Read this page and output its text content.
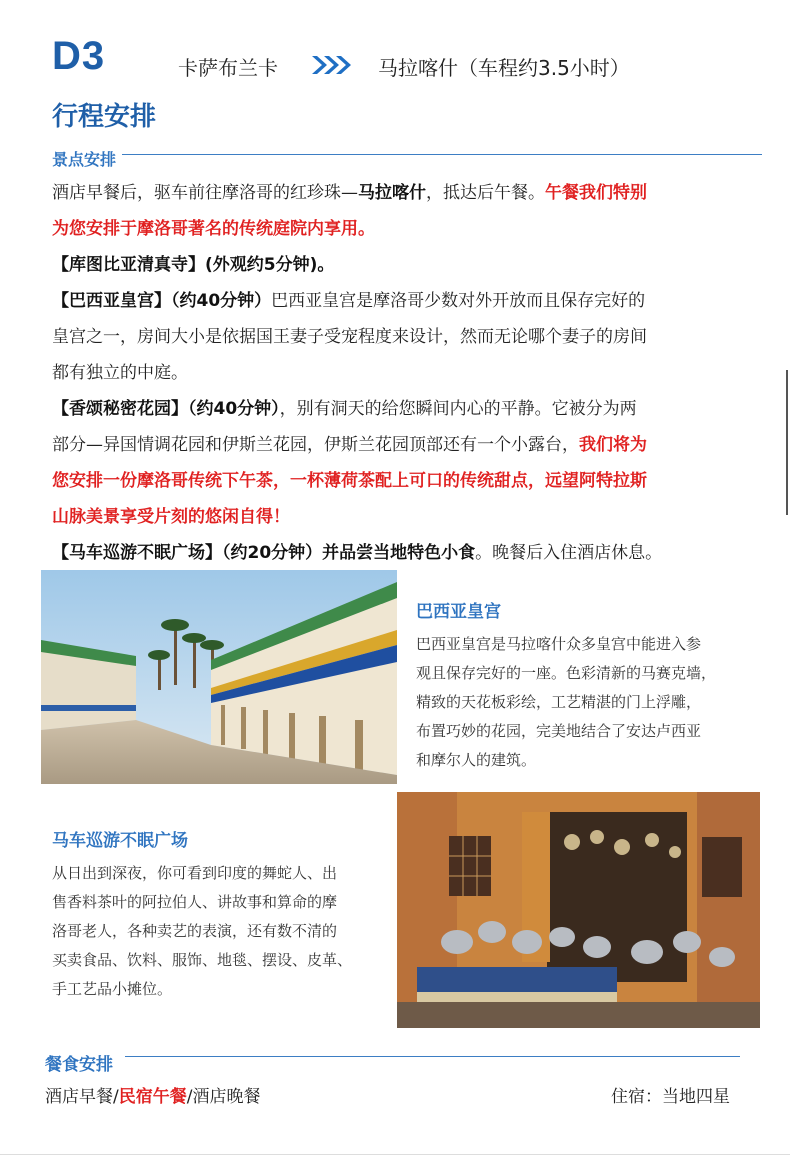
D3	卡萨布兰卡	马拉喀什（车程约3.5小时）
行程安排
景点安排

酒店早餐后，驱车前往摩洛哥的红珍珠—马拉喀什，抵达后午餐。午餐我们特别

为您安排于摩洛哥著名的传统庭院内享用。

【库图比亚清真寺】(外观约5分钟)。

【巴西亚皇宫】（约40分钟）巴西亚皇宫是摩洛哥少数对外开放而且保存完好的

皇宫之一，房间大小是依据国王妻子受宠程度来设计，然而无论哪个妻子的房间

都有独立的中庭。

【香颂秘密花园】（约40分钟），别有洞天的给您瞬间内心的平静。它被分为两

部分—异国情调花园和伊斯兰花园，伊斯兰花园顶部还有一个小露台，我们将为

您安排一份摩洛哥传统下午茶，一杯薄荷茶配上可口的传统甜点，远望阿特拉斯

山脉美景享受片刻的悠闲自得！

【马车巡游不眠广场】（约20分钟）并品尝当地特色小食。晚餐后入住酒店休息。

巴西亚皇宫

巴西亚皇宫是马拉喀什众多皇宫中能进入参

观且保存完好的一座。色彩清新的马赛克墙，

精致的天花板彩绘，工艺精湛的门上浮雕，

布置巧妙的花园，完美地结合了安达卢西亚

和摩尔人的建筑。

马车巡游不眠广场

从日出到深夜，你可看到印度的舞蛇人、出

售香料茶叶的阿拉伯人、讲故事和算命的摩

洛哥老人，各种卖艺的表演，还有数不清的

买卖食品、饮料、服饰、地毯、摆设、皮革、

手工艺品小摊位。

餐食安排
酒店早餐/民宿午餐/酒店晚餐	住宿：当地四星
